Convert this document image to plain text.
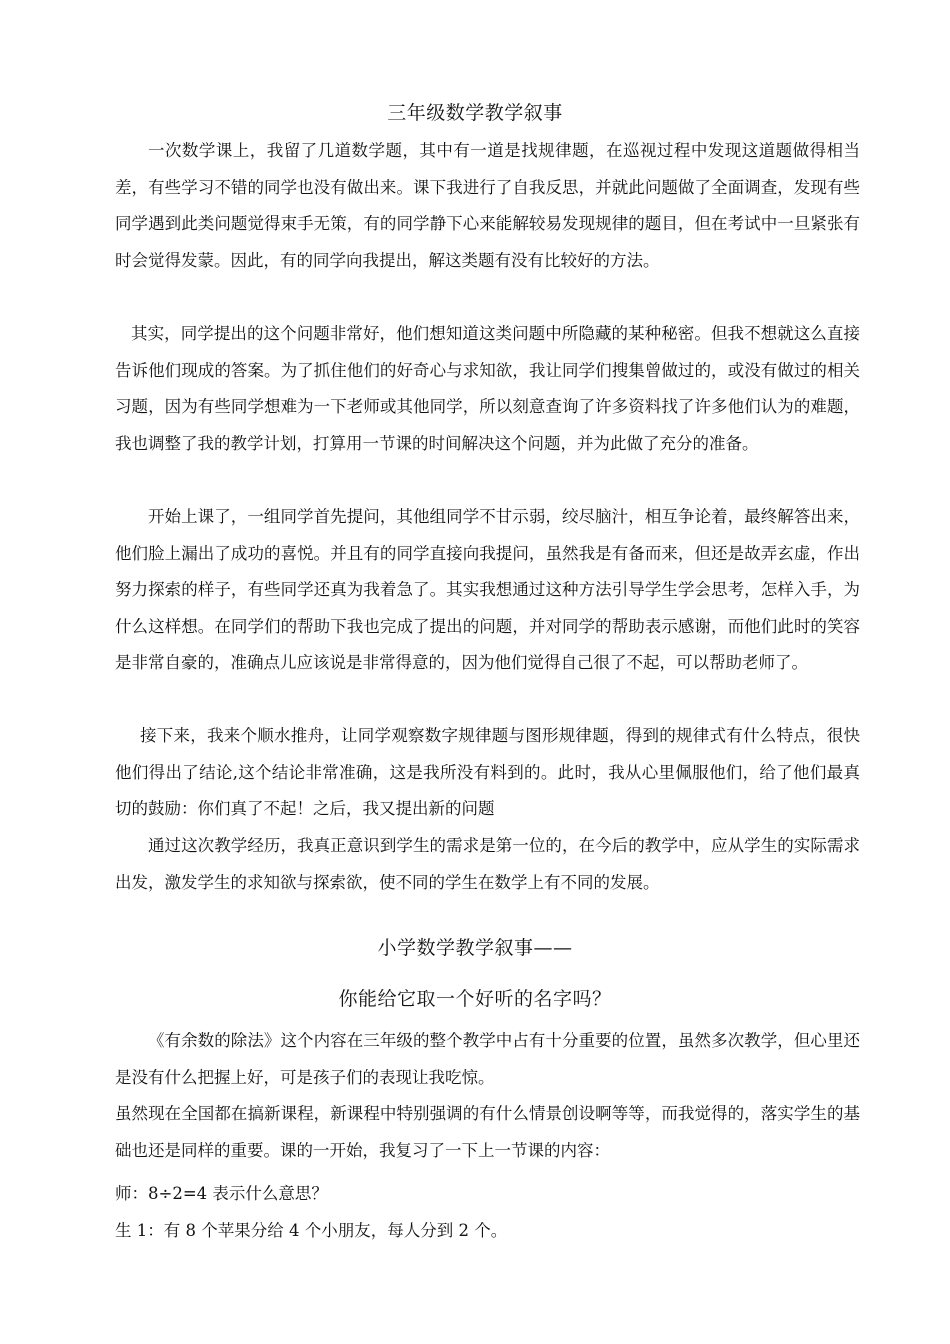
三年级数学教学叙事

一次数学课上，我留了几道数学题，其中有一道是找规律题，在巡视过程中发现这道题做得相当差，有些学习不错的同学也没有做出来。课下我进行了自我反思，并就此问题做了全面调查，发现有些同学遇到此类问题觉得束手无策，有的同学静下心来能解较易发现规律的题目，但在考试中一旦紧张有时会觉得发蒙。因此，有的同学向我提出，解这类题有没有比较好的方法。

其实，同学提出的这个问题非常好，他们想知道这类问题中所隐藏的某种秘密。但我不想就这么直接告诉他们现成的答案。为了抓住他们的好奇心与求知欲，我让同学们搜集曾做过的，或没有做过的相关习题，因为有些同学想难为一下老师或其他同学，所以刻意查询了许多资料找了许多他们认为的难题，我也调整了我的教学计划，打算用一节课的时间解决这个问题，并为此做了充分的准备。

开始上课了，一组同学首先提问，其他组同学不甘示弱，绞尽脑汁，相互争论着，最终解答出来，他们脸上漏出了成功的喜悦。并且有的同学直接向我提问，虽然我是有备而来，但还是故弄玄虚，作出努力探索的样子，有些同学还真为我着急了。其实我想通过这种方法引导学生学会思考，怎样入手，为什么这样想。在同学们的帮助下我也完成了提出的问题，并对同学的帮助表示感谢，而他们此时的笑容是非常自豪的，准确点儿应该说是非常得意的，因为他们觉得自己很了不起，可以帮助老师了。

接下来，我来个顺水推舟，让同学观察数字规律题与图形规律题，得到的规律式有什么特点，很快他们得出了结论,这个结论非常准确，这是我所没有料到的。此时，我从心里佩服他们，给了他们最真切的鼓励：你们真了不起！之后，我又提出新的问题

通过这次教学经历，我真正意识到学生的需求是第一位的，在今后的教学中，应从学生的实际需求出发，激发学生的求知欲与探索欲，使不同的学生在数学上有不同的发展。

小学数学教学叙事——
你能给它取一个好听的名字吗？

《有余数的除法》这个内容在三年级的整个教学中占有十分重要的位置，虽然多次教学，但心里还是没有什么把握上好，可是孩子们的表现让我吃惊。

虽然现在全国都在搞新课程，新课程中特别强调的有什么情景创设啊等等，而我觉得的，落实学生的基础也还是同样的重要。课的一开始，我复习了一下上一节课的内容：

师：8÷2=4 表示什么意思？
生 1：有 8 个苹果分给 4 个小朋友，每人分到 2 个。
